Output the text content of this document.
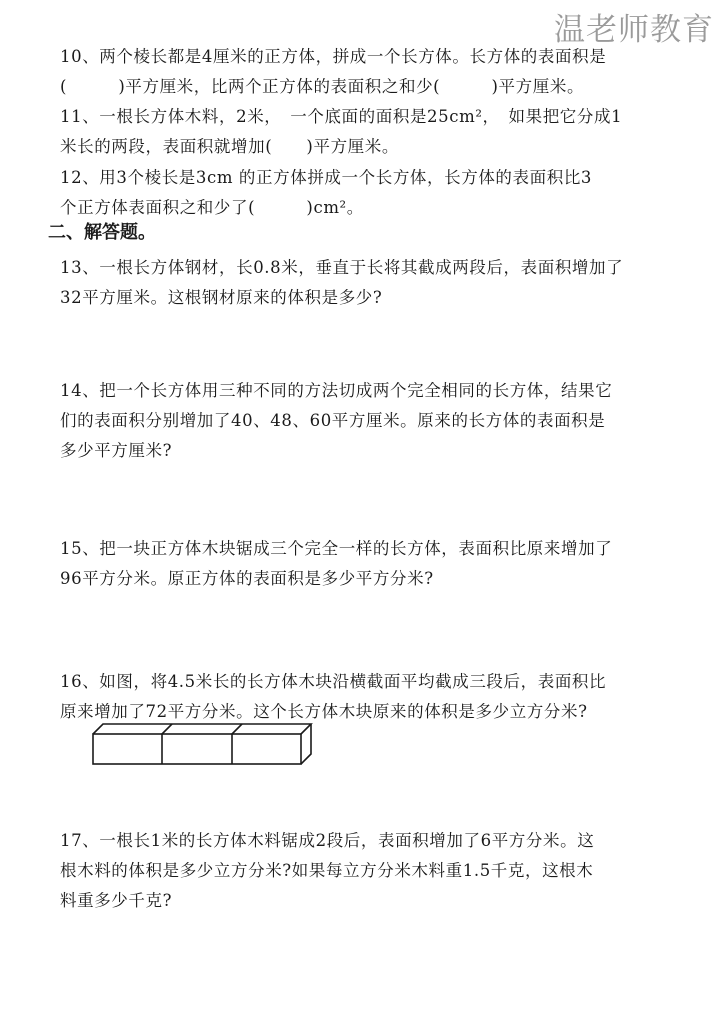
温老师教育

10、两个棱长都是4厘米的正方体，拼成一个长方体。长方体的表面积是

(　　　)平方厘米，比两个正方体的表面积之和少(　　　)平方厘米。

11、一根长方体木料，2米，　一个底面的面积是25cm²，　如果把它分成1

米长的两段，表面积就增加(　　)平方厘米。

12、用3个棱长是3cm 的正方体拼成一个长方体，长方体的表面积比3

个正方体表面积之和少了(　　　)cm²。

二、解答题。

13、一根长方体钢材，长0.8米，垂直于长将其截成两段后，表面积增加了

32平方厘米。这根钢材原来的体积是多少?

14、把一个长方体用三种不同的方法切成两个完全相同的长方体，结果它

们的表面积分别增加了40、48、60平方厘米。原来的长方体的表面积是

多少平方厘米?

15、把一块正方体木块锯成三个完全一样的长方体，表面积比原来增加了

96平方分米。原正方体的表面积是多少平方分米?

16、如图，将4.5米长的长方体木块沿横截面平均截成三段后，表面积比

原来增加了72平方分米。这个长方体木块原来的体积是多少立方分米?

17、一根长1米的长方体木料锯成2段后，表面积增加了6平方分米。这

根木料的体积是多少立方分米?如果每立方分米木料重1.5千克，这根木

料重多少千克?
